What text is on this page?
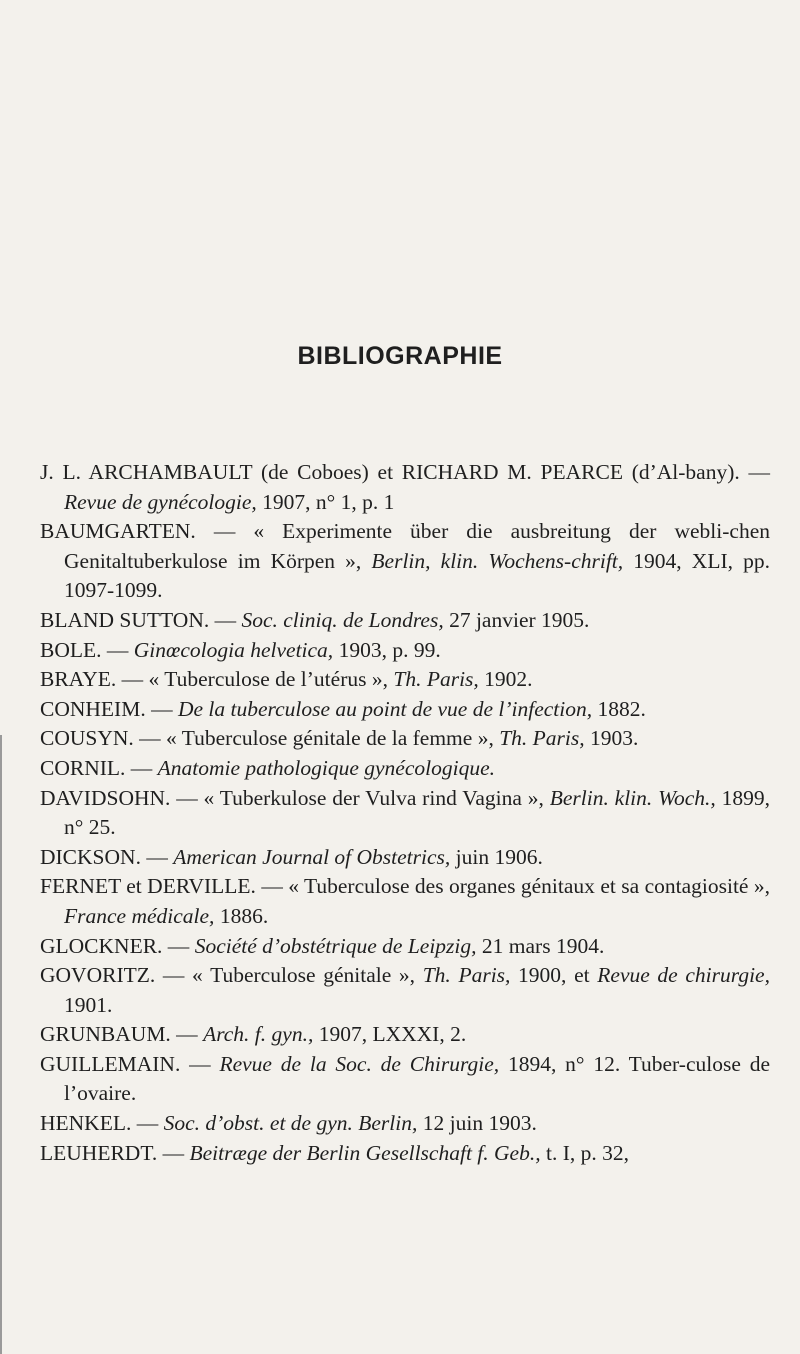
BIBLIOGRAPHIE

J. L. ARCHAMBAULT (de Coboes) et RICHARD M. PEARCE (d’Al-bany). — Revue de gynécologie, 1907, n° 1, p. 1

BAUMGARTEN. — « Experimente über die ausbreitung der webli-chen Genitaltuberkulose im Körpen », Berlin, klin. Wochens-chrift, 1904, XLI, pp. 1097-1099.

BLAND SUTTON. — Soc. cliniq. de Londres, 27 janvier 1905.

BOLE. — Ginœcologia helvetica, 1903, p. 99.

BRAYE. — « Tuberculose de l’utérus », Th. Paris, 1902.

CONHEIM. — De la tuberculose au point de vue de l’infection, 1882.

COUSYN. — « Tuberculose génitale de la femme », Th. Paris, 1903.

CORNIL. — Anatomie pathologique gynécologique.

DAVIDSOHN. — « Tuberkulose der Vulva rind Vagina », Berlin. klin. Woch., 1899, n° 25.

DICKSON. — American Journal of Obstetrics, juin 1906.

FERNET et DERVILLE. — « Tuberculose des organes génitaux et sa contagiosité », France médicale, 1886.

GLOCKNER. — Société d’obstétrique de Leipzig, 21 mars 1904.

GOVORITZ. — « Tuberculose génitale », Th. Paris, 1900, et Revue de chirurgie, 1901.

GRUNBAUM. — Arch. f. gyn., 1907, LXXXI, 2.

GUILLEMAIN. — Revue de la Soc. de Chirurgie, 1894, n° 12. Tuber-culose de l’ovaire.

HENKEL. — Soc. d’obst. et de gyn. Berlin, 12 juin 1903.

LEUHERDT. — Beitræge der Berlin Gesellschaft f. Geb., t. I, p. 32,
